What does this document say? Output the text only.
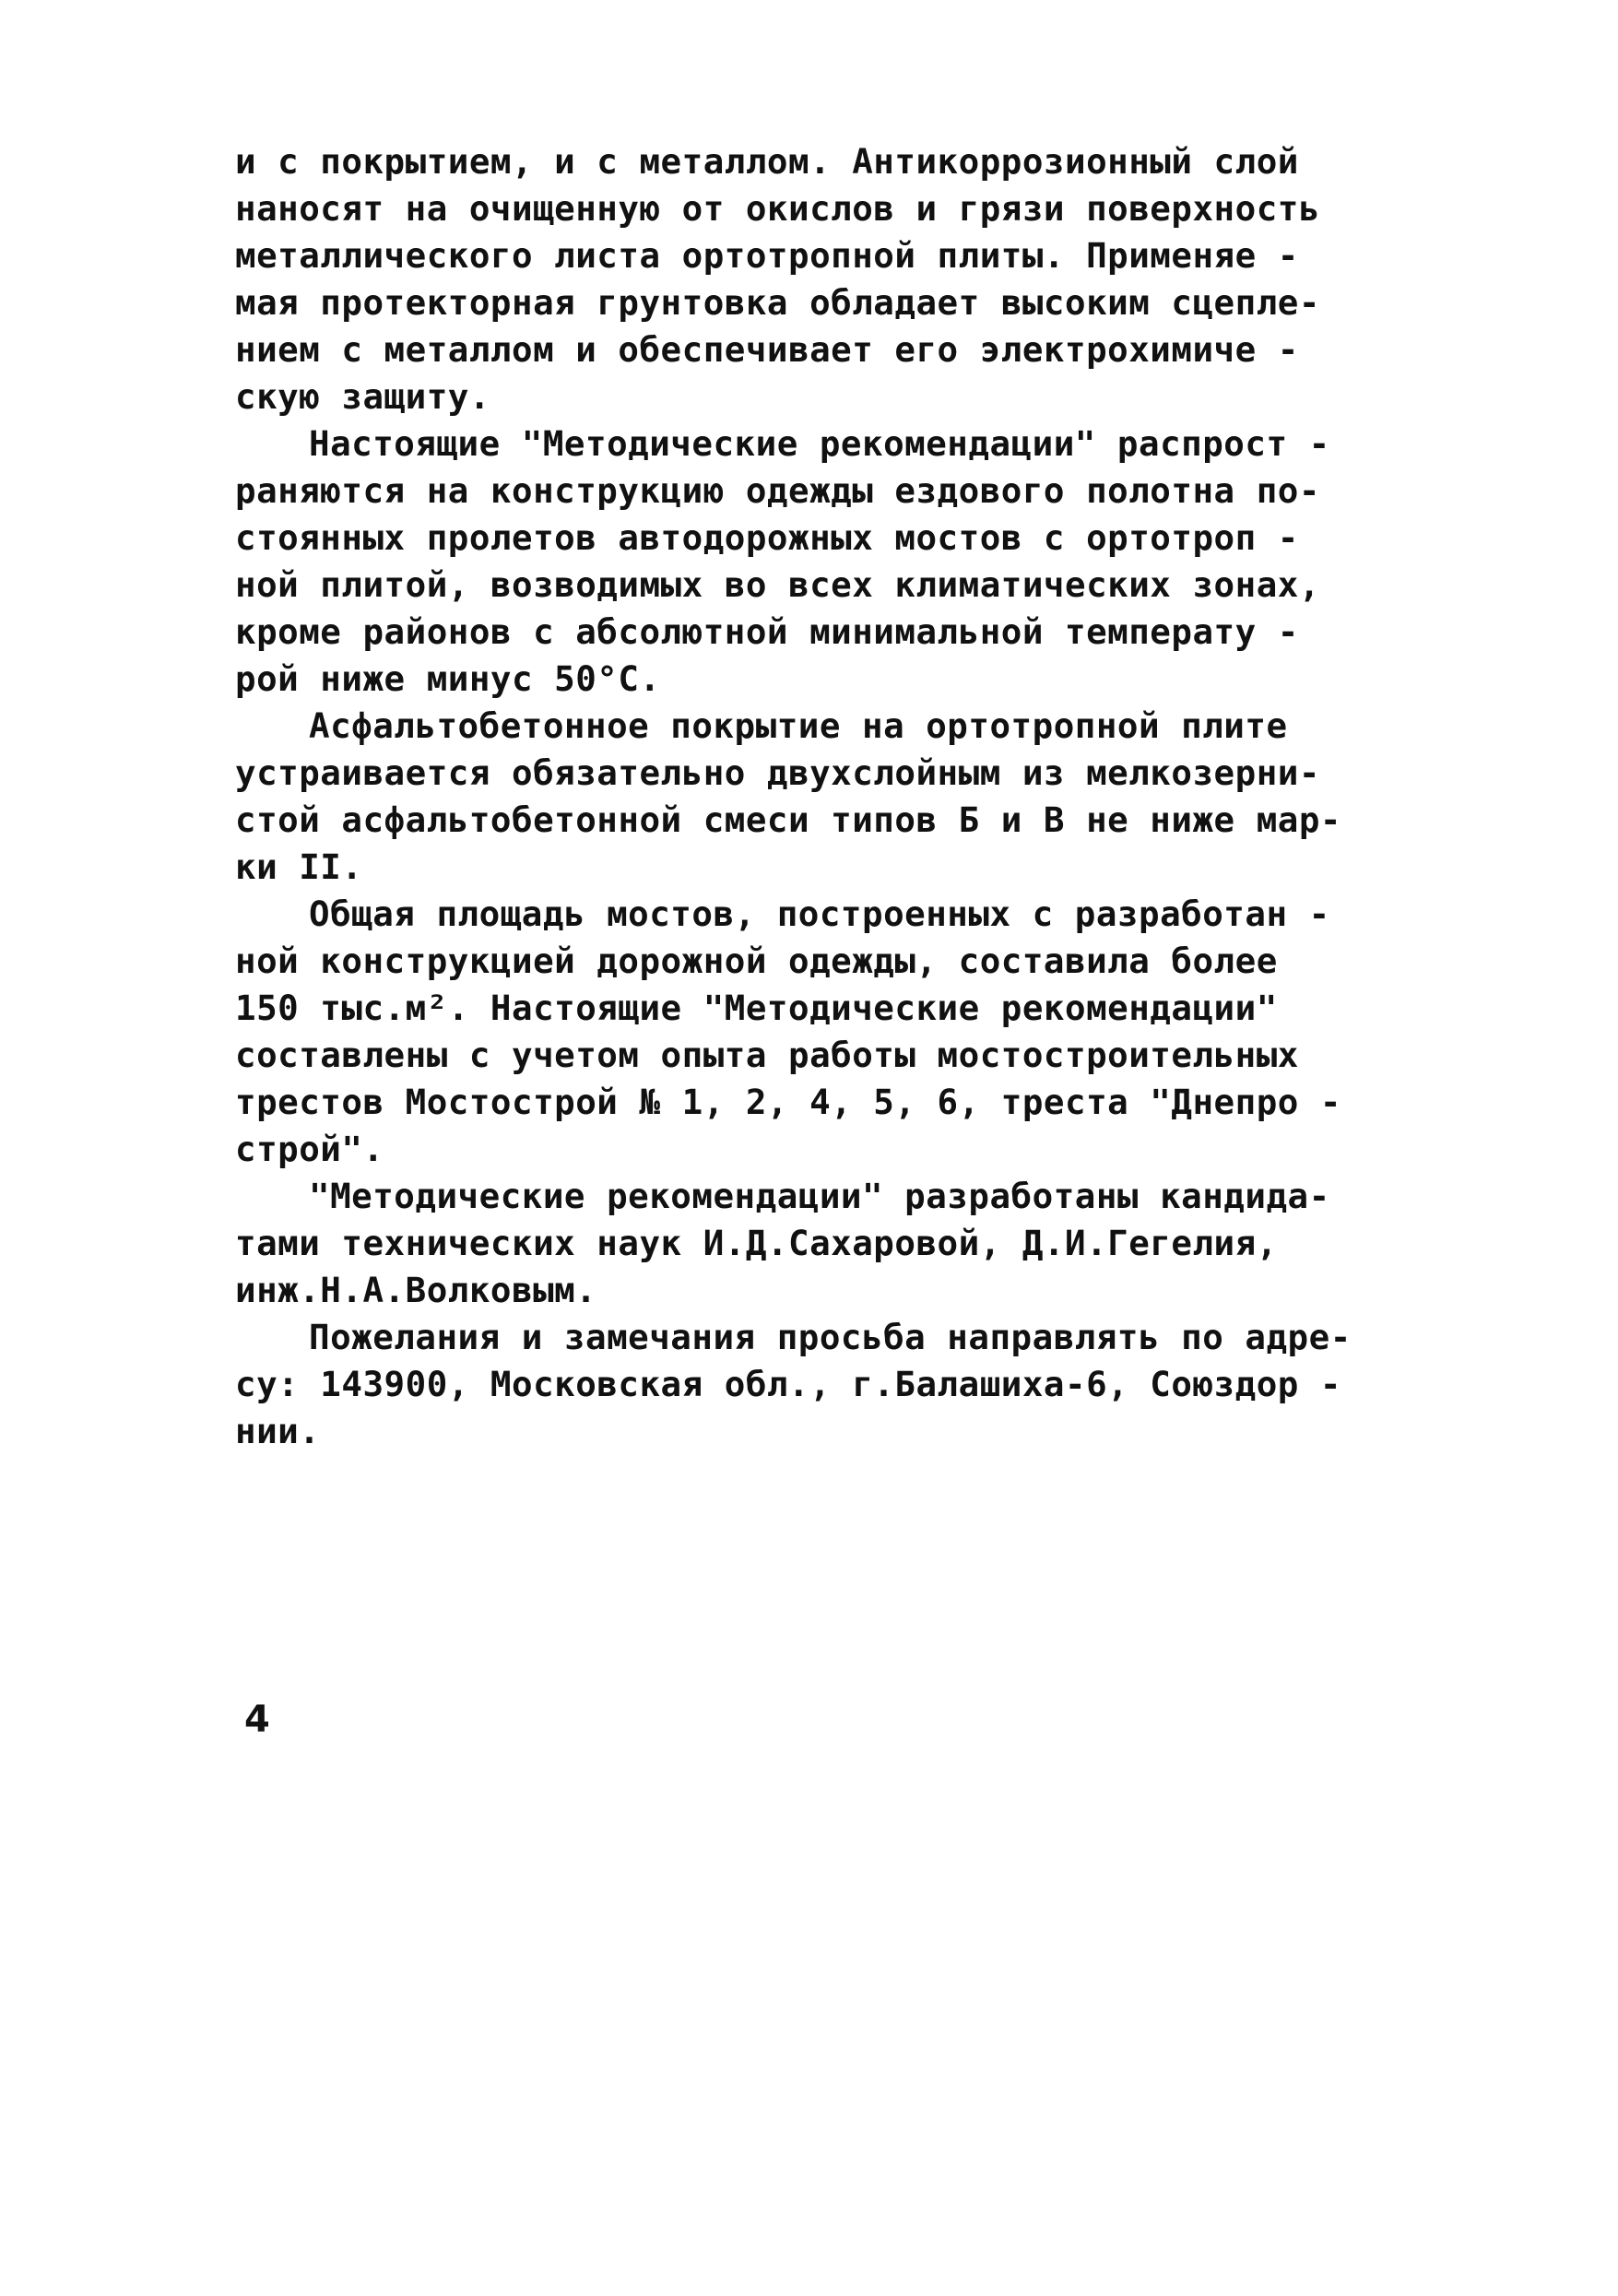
и с покрытием, и с металлом. Антикоррозионный слой
наносят на очищенную от окислов и грязи поверхность
металлического листа ортотропной плиты. Применяе -
мая протекторная грунтовка обладает высоким сцепле-
нием с металлом и обеспечивает его электрохимиче -
скую защиту.
Настоящие "Методические рекомендации" распрост -
раняются на конструкцию одежды ездового полотна по-
стоянных пролетов автодорожных мостов с ортотроп -
ной плитой, возводимых во всех климатических зонах,
кроме районов с абсолютной минимальной температу -
рой ниже минус 50°С.
Асфальтобетонное покрытие на ортотропной плите
устраивается обязательно двухслойным из мелкозерни-
стой асфальтобетонной смеси типов Б и В не ниже мар-
ки II.
Общая площадь мостов, построенных с разработан -
ной конструкцией дорожной одежды, составила более
150 тыс.м². Настоящие "Методические рекомендации"
составлены с учетом опыта работы мостостроительных
трестов Мостострой № 1, 2, 4, 5, 6, треста "Днепро -
строй".
"Методические рекомендации" разработаны кандида-
тами технических наук И.Д.Сахаровой, Д.И.Гегелия,
инж.Н.А.Волковым.
Пожелания и замечания просьба направлять по адре-
су: 143900, Московская обл., г.Балашиха-6, Союздор -
нии.
4
